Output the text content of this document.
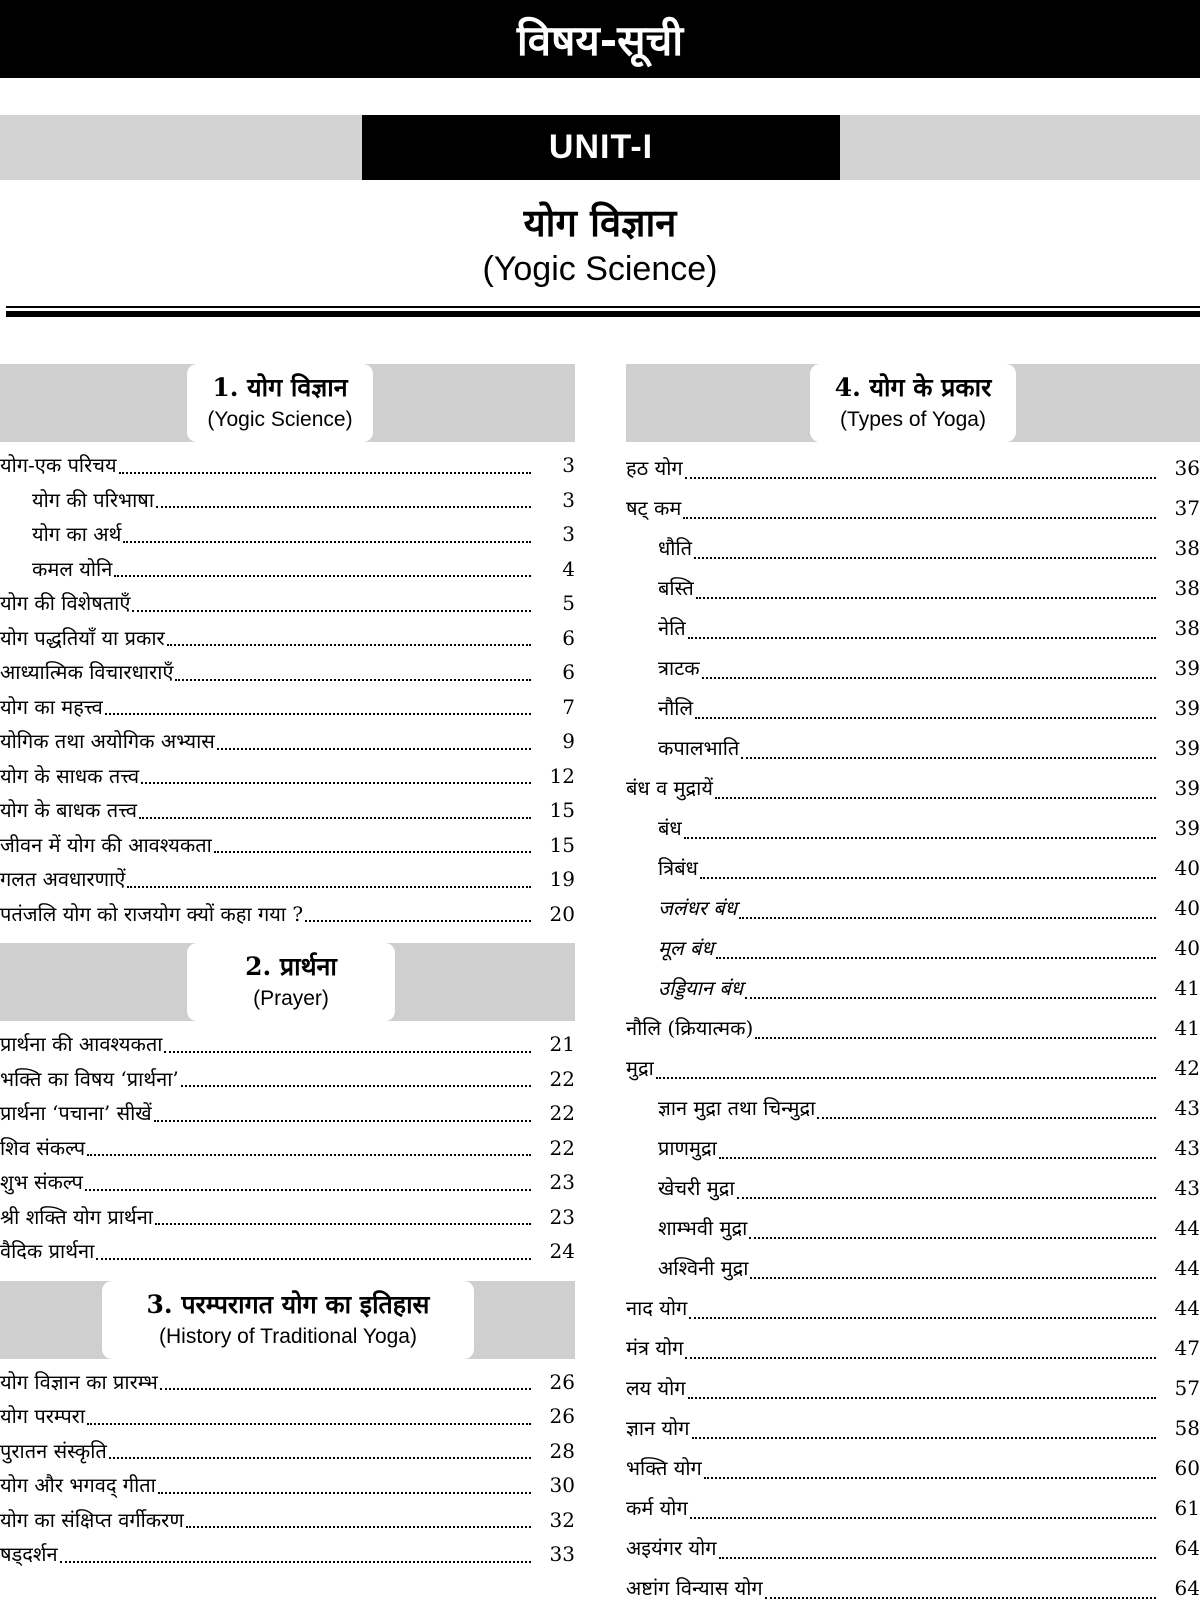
विषय-सूची
UNIT-I
योग विज्ञान
(Yogic Science)
1. योग विज्ञान
(Yogic Science)
योग-एक परिचय	3
योग की परिभाषा	3
योग का अर्थ	3
कमल योनि	4
योग की विशेषताएँ	5
योग पद्धतियाँ या प्रकार	6
आध्यात्मिक विचारधाराएँ	6
योग का महत्त्व	7
योगिक तथा अयोगिक अभ्यास	9
योग के साधक तत्त्व	12
योग के बाधक तत्त्व	15
जीवन में योग की आवश्यकता	15
गलत अवधारणाऐं	19
पतंजलि योग को राजयोग क्यों कहा गया ?	20
2. प्रार्थना
(Prayer)
प्रार्थना की आवश्यकता	21
भक्ति का विषय ‘प्रार्थना’	22
प्रार्थना ‘पचाना’ सीखें	22
शिव संकल्प	22
शुभ संकल्प	23
श्री शक्ति योग प्रार्थना	23
वैदिक प्रार्थना	24
3. परम्परागत योग का इतिहास
(History of Traditional Yoga)
योग विज्ञान का प्रारम्भ	26
योग परम्परा	26
पुरातन संस्कृति	28
योग और भगवद् गीता	30
योग का संक्षिप्त वर्गीकरण	32
षड्दर्शन	33
4. योग के प्रकार
(Types of Yoga)
हठ योग	36
षट् कम	37
धौति	38
बस्ति	38
नेति	38
त्राटक	39
नौलि	39
कपालभाति	39
बंध व मुद्रायें	39
बंध	39
त्रिबंध	40
जलंधर बंध	40
मूल बंध	40
उड्डियान बंध	41
नौलि (क्रियात्मक)	41
मुद्रा	42
ज्ञान मुद्रा तथा चिन्मुद्रा	43
प्राणमुद्रा	43
खेचरी मुद्रा	43
शाम्भवी मुद्रा	44
अश्विनी मुद्रा	44
नाद योग	44
मंत्र योग	47
लय योग	57
ज्ञान योग	58
भक्ति योग	60
कर्म योग	61
अइयंगर योग	64
अष्टांग विन्यास योग	64
